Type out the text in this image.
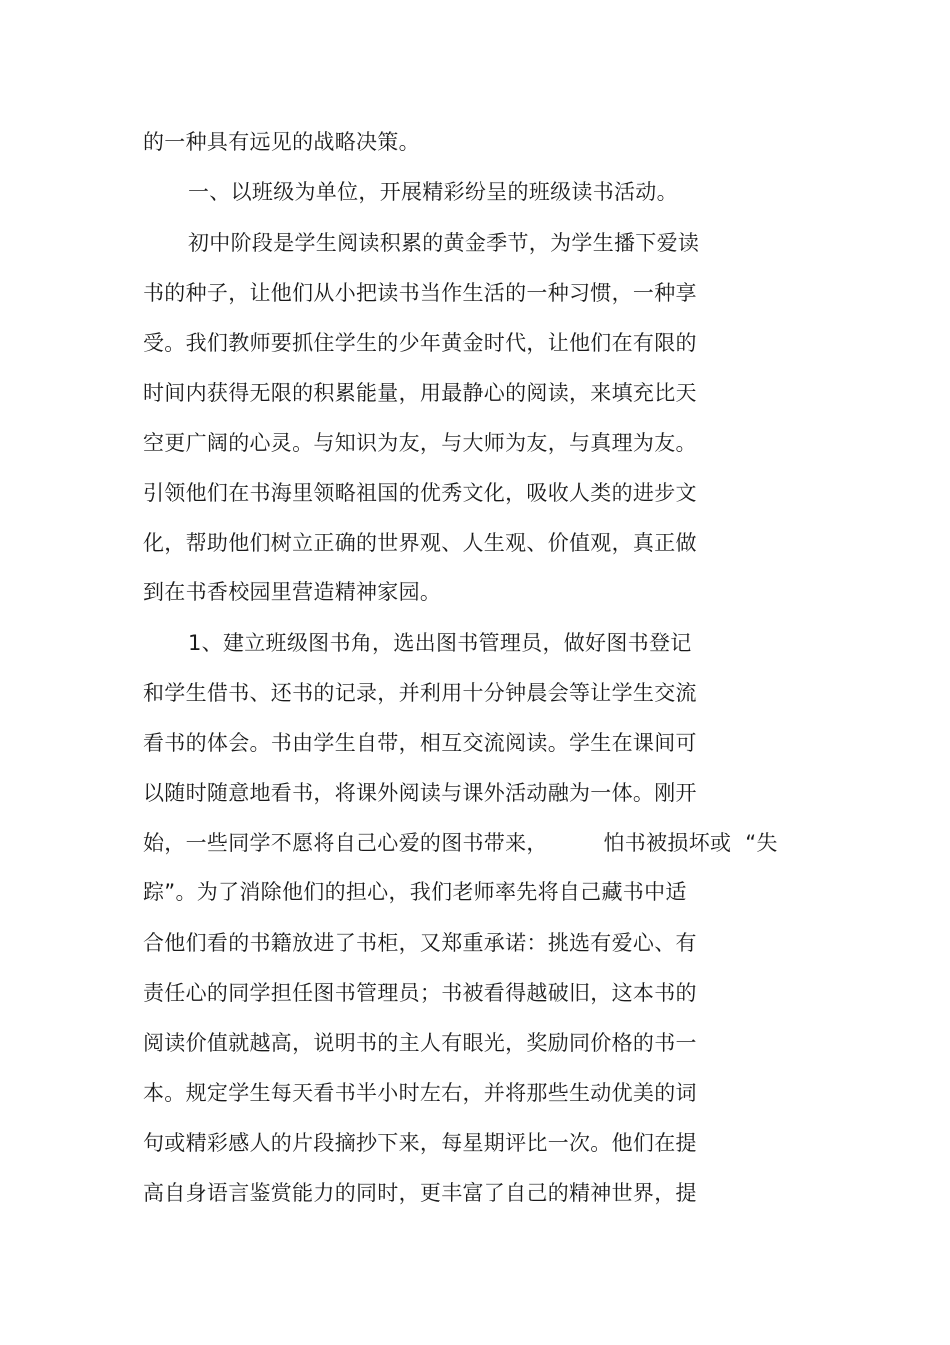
的一种具有远见的战略决策。
一、以班级为单位，开展精彩纷呈的班级读书活动。
初中阶段是学生阅读积累的黄金季节，为学生播下爱读
书的种子，让他们从小把读书当作生活的一种习惯，一种享
受。我们教师要抓住学生的少年黄金时代，让他们在有限的
时间内获得无限的积累能量，用最静心的阅读，来填充比天
空更广阔的心灵。与知识为友，与大师为友，与真理为友。
引领他们在书海里领略祖国的优秀文化，吸收人类的进步文
化，帮助他们树立正确的世界观、人生观、价值观，真正做
到在书香校园里营造精神家园。
1、建立班级图书角，选出图书管理员，做好图书登记
和学生借书、还书的记录，并利用十分钟晨会等让学生交流
看书的体会。书由学生自带，相互交流阅读。学生在课间可
以随时随意地看书，将课外阅读与课外活动融为一体。刚开
始，一些同学不愿将自己心爱的图书带来，        怕书被损坏或  “失
踪”。为了消除他们的担心，我们老师率先将自己藏书中适
合他们看的书籍放进了书柜，又郑重承诺：挑选有爱心、有
责任心的同学担任图书管理员；书被看得越破旧，这本书的
阅读价值就越高，说明书的主人有眼光，奖励同价格的书一
本。规定学生每天看书半小时左右，并将那些生动优美的词
句或精彩感人的片段摘抄下来，每星期评比一次。他们在提
高自身语言鉴赏能力的同时，更丰富了自己的精神世界，提
